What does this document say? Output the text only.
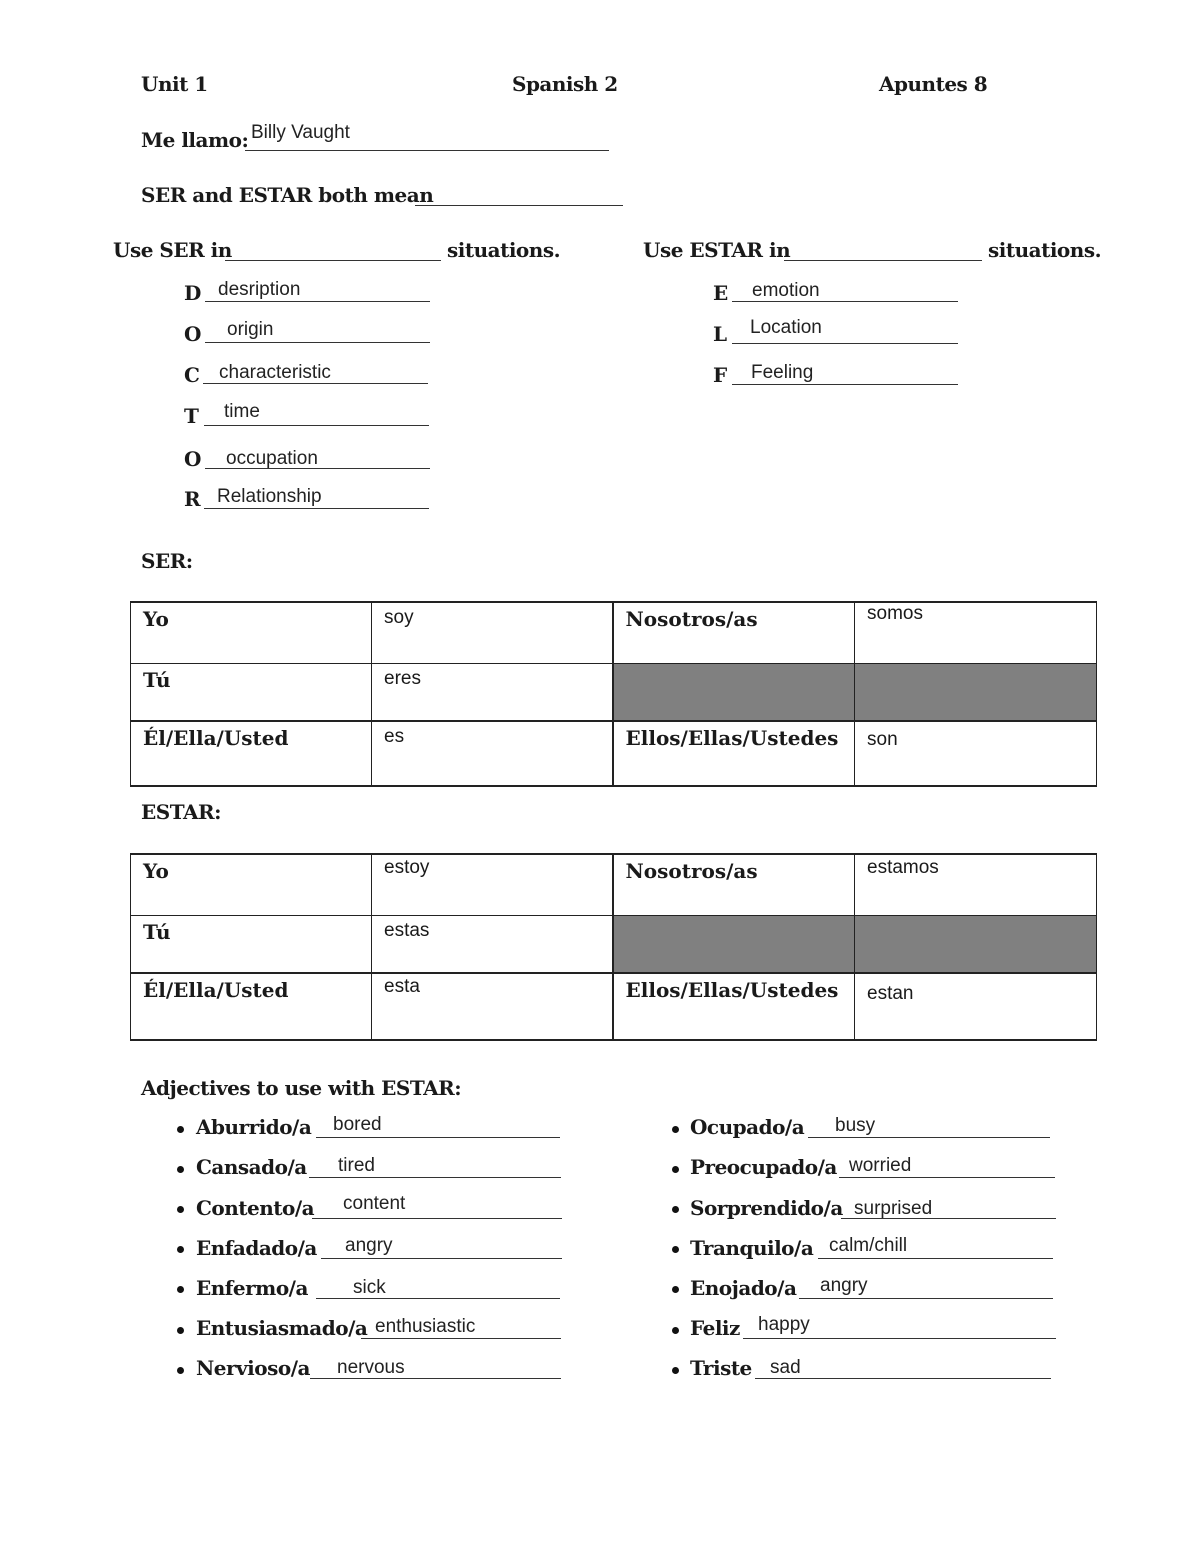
Unit 1	Spanish 2	Apuntes 8
Me llamo: Billy Vaught
SER and ESTAR both mean
Use SER in	situations.	Use ESTAR in	situations.
D desription
O origin
C characteristic
T time
O occupation
R Relationship
E emotion
L Location
F Feeling
SER:
Yo	soy	Nosotros/as	somos
Tú	eres		
Él/Ella/Usted	es	Ellos/Ellas/Ustedes	son
ESTAR:
Yo	estoy	Nosotros/as	estamos
Tú	estas		
Él/Ella/Usted	esta	Ellos/Ellas/Ustedes	estan
Adjectives to use with ESTAR:
Aburrido/a bored
Cansado/a tired
Contento/a content
Enfadado/a angry
Enfermo/a sick
Entusiasmado/a enthusiastic
Nervioso/a nervous
Ocupado/a busy
Preocupado/a worried
Sorprendido/a surprised
Tranquilo/a calm/chill
Enojado/a angry
Feliz happy
Triste sad
